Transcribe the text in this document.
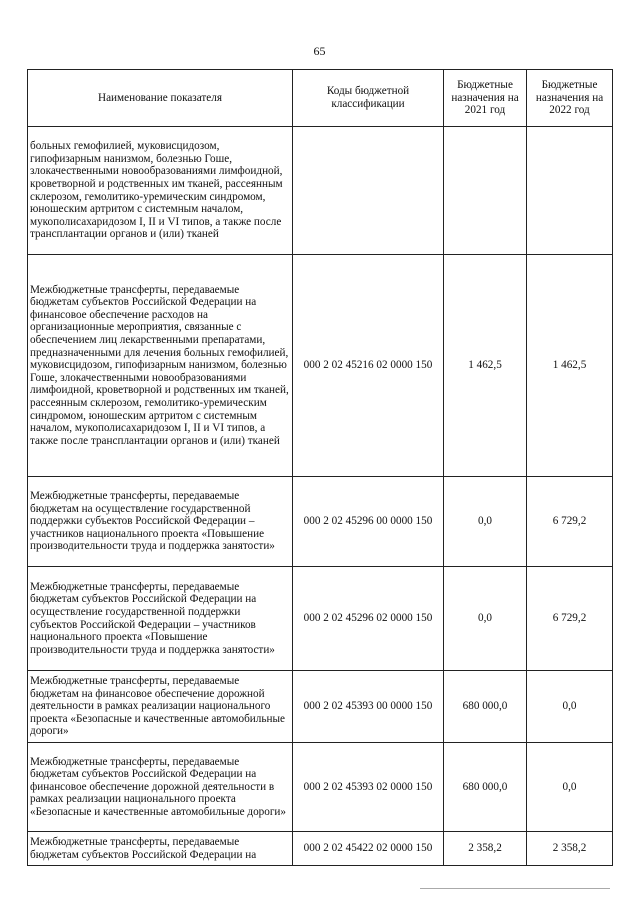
65
Наименование показателя	Коды бюджетной классификации	Бюджетные назначения на 2021 год	Бюджетные назначения на 2022 год
больных гемофилией, муковисцидозом, гипофизарным нанизмом, болезнью Гоше, злокачественными новообразованиями лимфоидной, кроветворной и родственных им тканей, рассеянным склерозом, гемолитико-уремическим синдромом, юношеским артритом с системным началом, мукополисахаридозом I, II и VI типов, а также после трансплантации органов и (или) тканей			
Межбюджетные трансферты, передаваемые бюджетам субъектов Российской Федерации на финансовое обеспечение расходов на организационные мероприятия, связанные с обеспечением лиц лекарственными препаратами, предназначенными для лечения больных гемофилией, муковисцидозом, гипофизарным нанизмом, болезнью Гоше, злокачественными новообразованиями лимфоидной, кроветворной и родственных им тканей, рассеянным склерозом, гемолитико-уремическим синдромом, юношеским артритом с системным началом, мукополисахаридозом I, II и VI типов, а также после трансплантации органов и (или) тканей	000 2 02 45216 02 0000 150	1 462,5	1 462,5
Межбюджетные трансферты, передаваемые бюджетам на осуществление государственной поддержки субъектов Российской Федерации – участников национального проекта «Повышение производительности труда и поддержка занятости»	000 2 02 45296 00 0000 150	0,0	6 729,2
Межбюджетные трансферты, передаваемые бюджетам субъектов Российской Федерации на осуществление государственной поддержки субъектов Российской Федерации – участников национального проекта «Повышение производительности труда и поддержка занятости»	000 2 02 45296 02 0000 150	0,0	6 729,2
Межбюджетные трансферты, передаваемые бюджетам на финансовое обеспечение дорожной деятельности в рамках реализации национального проекта «Безопасные и качественные автомобильные дороги»	000 2 02 45393 00 0000 150	680 000,0	0,0
Межбюджетные трансферты, передаваемые бюджетам субъектов Российской Федерации на финансовое обеспечение дорожной деятельности в рамках реализации национального проекта «Безопасные и качественные автомобильные дороги»	000 2 02 45393 02 0000 150	680 000,0	0,0
Межбюджетные трансферты, передаваемые бюджетам субъектов Российской Федерации на	000 2 02 45422 02 0000 150	2 358,2	2 358,2
